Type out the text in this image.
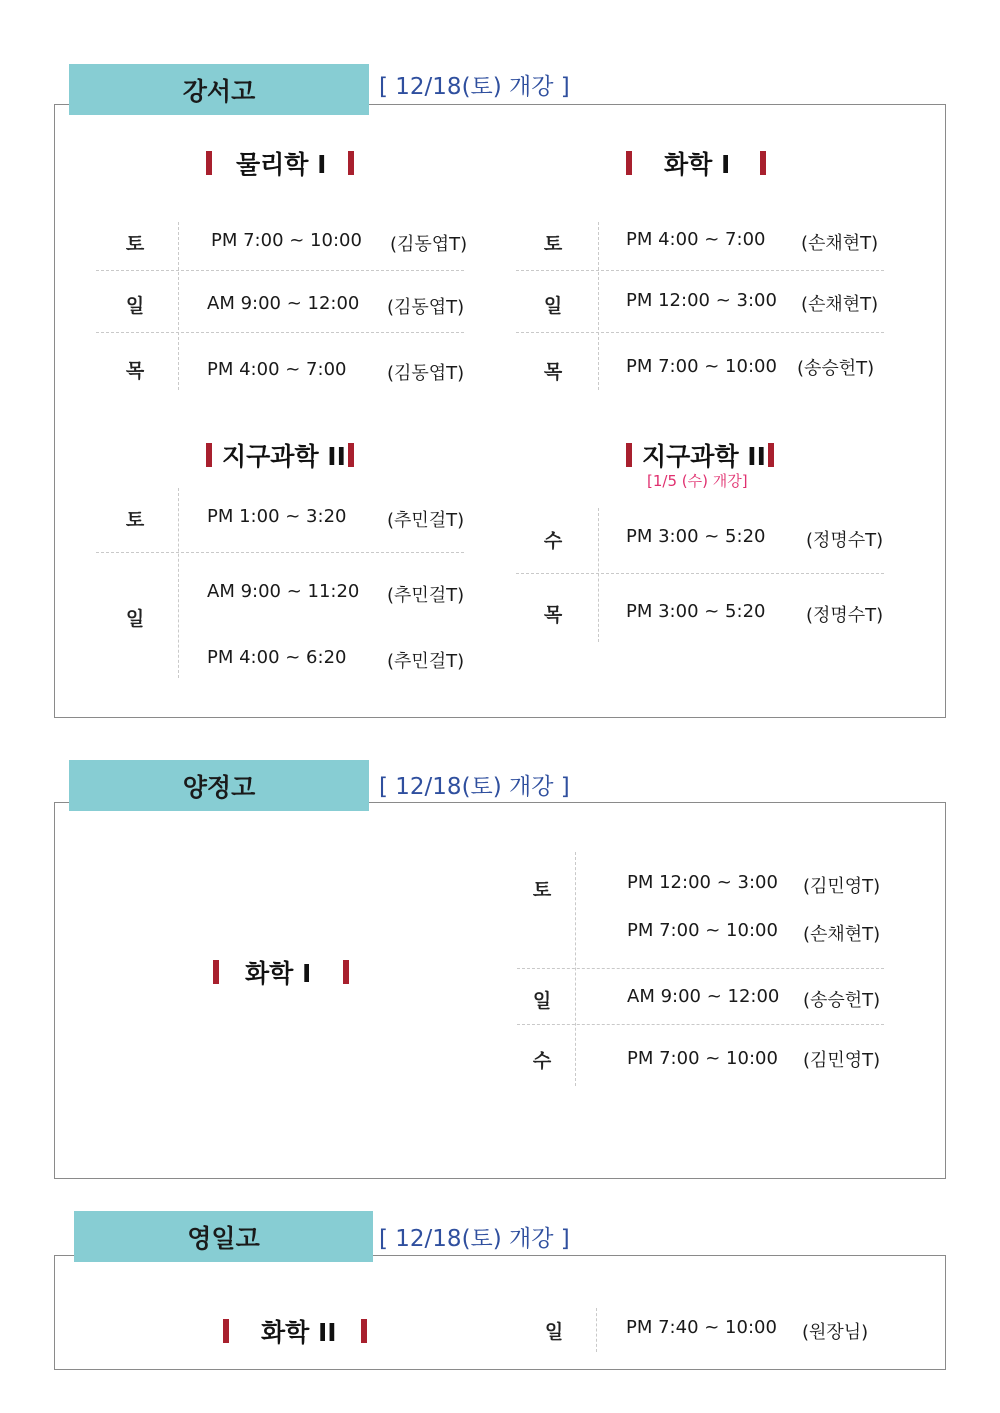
강서고	[ 12/18(토) 개강 ]
물리학 I	화학 I
토	PM 7:00 ~ 10:00 (김동엽T)
일	AM 9:00 ~ 12:00 (김동엽T)
목	PM 4:00 ~ 7:00 (김동엽T)
토	PM 4:00 ~ 7:00 (손채현T)
일	PM 12:00 ~ 3:00 (손채현T)
목	PM 7:00 ~ 10:00 (송승헌T)
지구과학 II
토	PM 1:00 ~ 3:20 (추민걸T)
일
AM 9:00 ~ 11:20 (추민걸T)
PM 4:00 ~ 6:20 (추민걸T)
지구과학 II
[1/5 (수) 개강]
수	PM 3:00 ~ 5:20 (정명수T)
목	PM 3:00 ~ 5:20 (정명수T)
양정고	[ 12/18(토) 개강 ]
화학 I
토	PM 12:00 ~ 3:00 (김민영T)
PM 7:00 ~ 10:00 (손채현T)
일	AM 9:00 ~ 12:00 (송승헌T)
수	PM 7:00 ~ 10:00 (김민영T)
영일고	[ 12/18(토) 개강 ]
화학 II	일	PM 7:40 ~ 10:00 (원장님)
